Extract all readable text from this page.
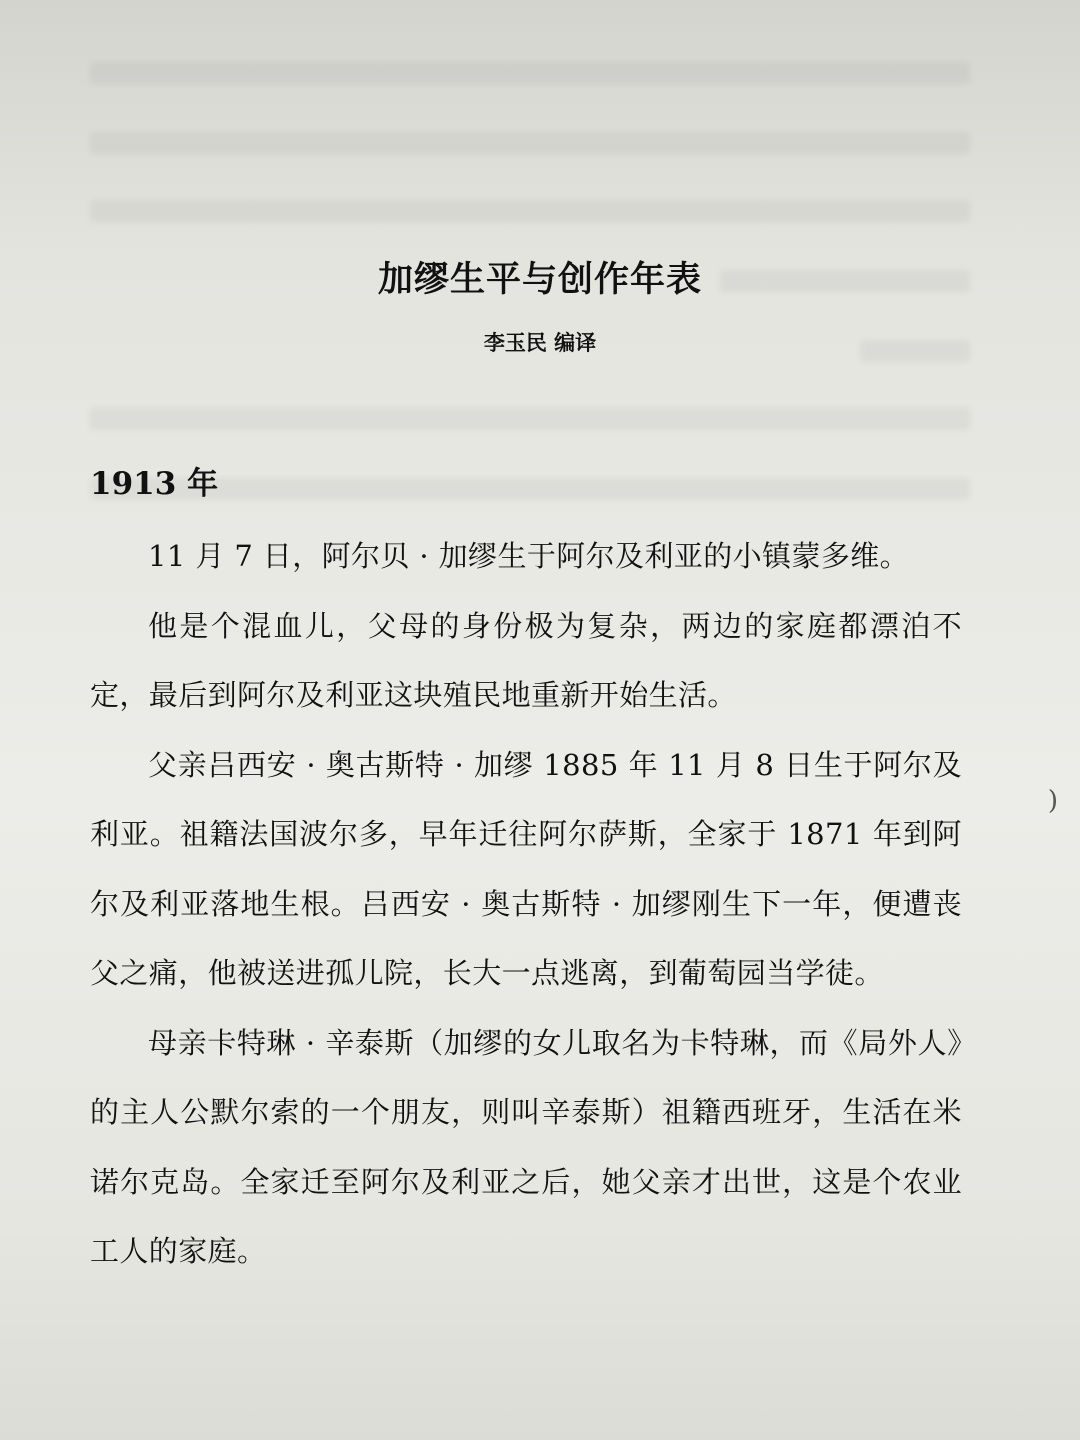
加缪生平与创作年表
李玉民 编译
1913 年

11 月 7 日，阿尔贝 · 加缪生于阿尔及利亚的小镇蒙多维。

他是个混血儿，父母的身份极为复杂，两边的家庭都漂泊不定，最后到阿尔及利亚这块殖民地重新开始生活。

父亲吕西安 · 奥古斯特 · 加缪 1885 年 11 月 8 日生于阿尔及利亚。祖籍法国波尔多，早年迁往阿尔萨斯，全家于 1871 年到阿尔及利亚落地生根。吕西安 · 奥古斯特 · 加缪刚生下一年，便遭丧父之痛，他被送进孤儿院，长大一点逃离，到葡萄园当学徒。

母亲卡特琳 · 辛泰斯（加缪的女儿取名为卡特琳，而《局外人》的主人公默尔索的一个朋友，则叫辛泰斯）祖籍西班牙，生活在米诺尔克岛。全家迁至阿尔及利亚之后，她父亲才出世，这是个农业工人的家庭。

)
